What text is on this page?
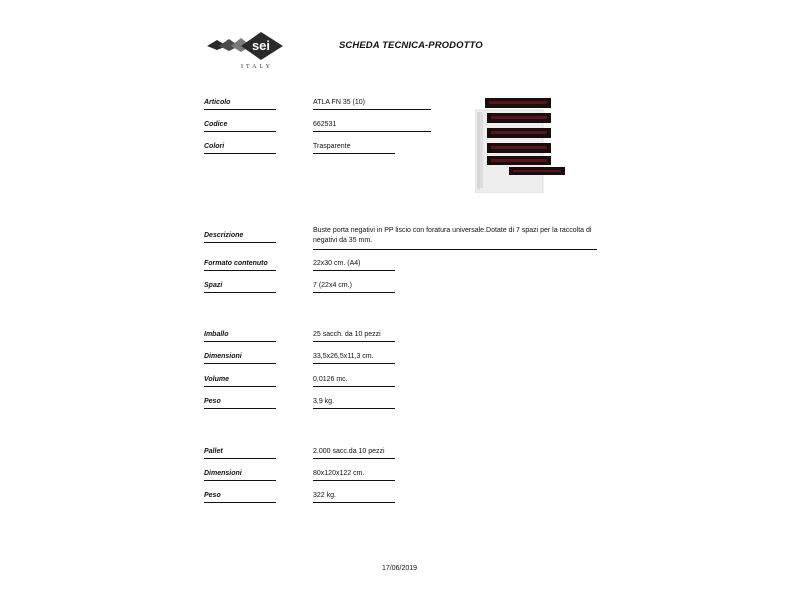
sei
ITALY
SCHEDA TECNICA-PRODOTTO
Articolo	ATLA FN 35 (10)
Codice	662531
Colori	Trasparente
Descrizione
Buste porta negativi in PP liscio con foratura universale.Dotate di 7 spazi per la raccolta di negativi da 35 mm.
Formato contenuto	22x30 cm. (A4)
Spazi	7 (22x4 cm.)
Imballo	25 sacch. da 10 pezzi
Dimensioni	33,5x26,5x11,3 cm.
Volume	0,0126 mc.
Peso	3,9 kg.
Pallet	2.000 sacc.da 10 pezzi
Dimensioni	80x120x122 cm.
Peso	322 kg.
17/06/2019
